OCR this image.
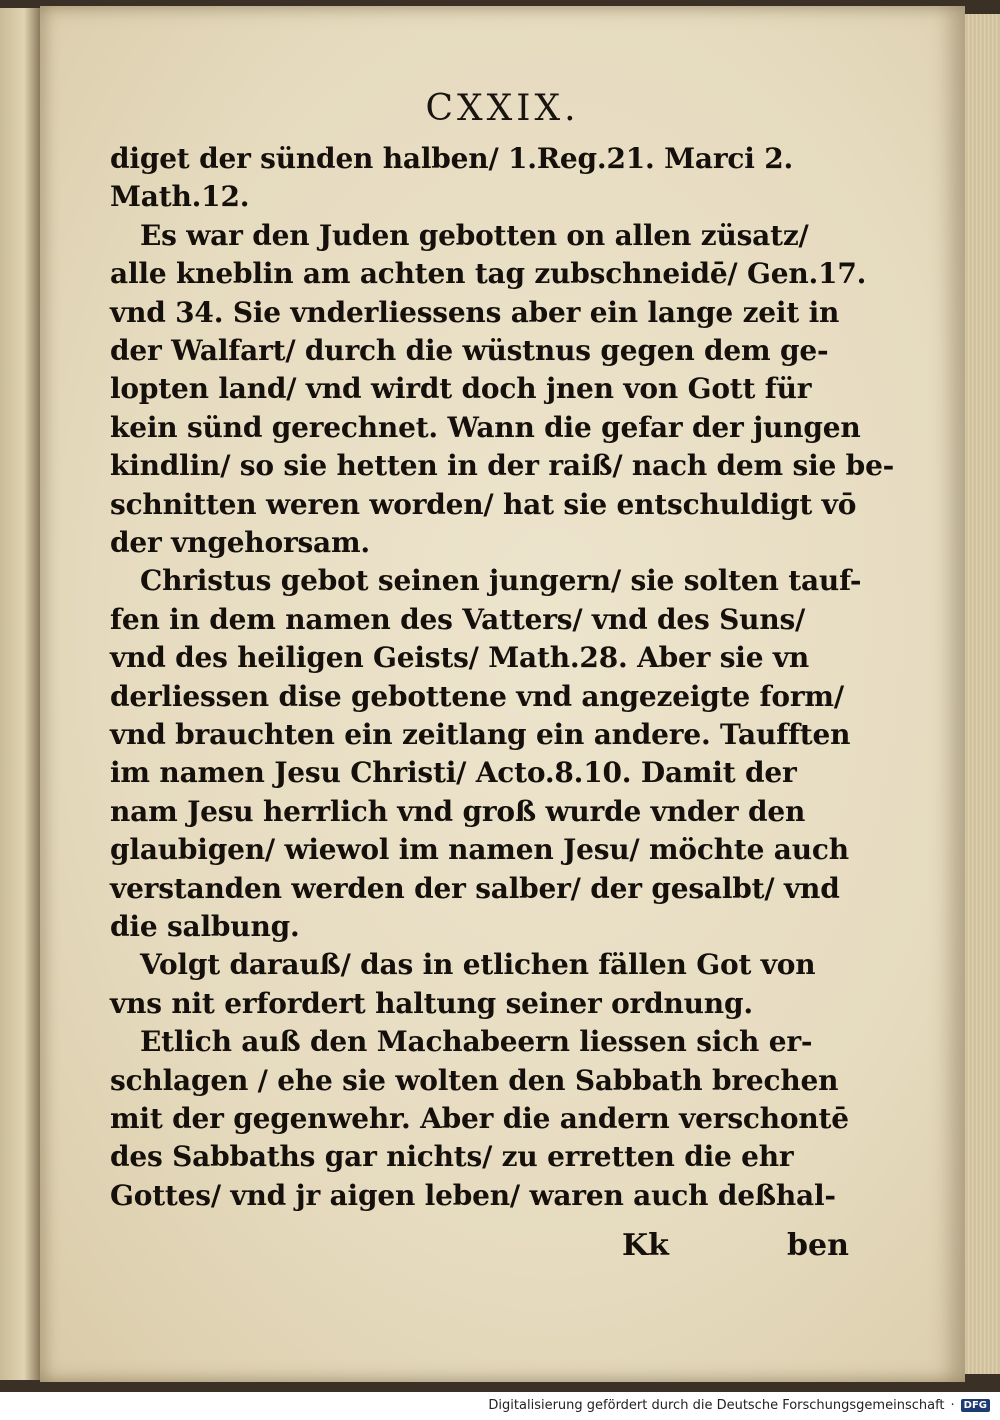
CXXIX.
diget der sünden halben/ 1.Reg.21. Marci 2.
Math.12.
Es war den Juden gebotten on allen züsatz/
alle kneblin am achten tag zubschneidē/ Gen.17.
vnd 34. Sie vnderliessens aber ein lange zeit in
der Walfart/ durch die wüstnus gegen dem ge-
lopten land/ vnd wirdt doch jnen von Gott für
kein sünd gerechnet. Wann die gefar der jungen
kindlin/ so sie hetten in der raiß/ nach dem sie be-
schnitten weren worden/ hat sie entschuldigt vō
der vngehorsam.
Christus gebot seinen jungern/ sie solten tauf-
fen in dem namen des Vatters/ vnd des Suns/
vnd des heiligen Geists/ Math.28. Aber sie vn
derliessen dise gebottene vnd angezeigte form/
vnd brauchten ein zeitlang ein andere. Taufften
im namen Jesu Christi/ Acto.8.10. Damit der
nam Jesu herrlich vnd groß wurde vnder den
glaubigen/ wiewol im namen Jesu/ möchte auch
verstanden werden der salber/ der gesalbt/ vnd
die salbung.
Volgt darauß/ das in etlichen fällen Got von
vns nit erfordert haltung seiner ordnung.
Etlich auß den Machabeern liessen sich er-
schlagen / ehe sie wolten den Sabbath brechen
mit der gegenwehr. Aber die andern verschontē
des Sabbaths gar nichts/ zu erretten die ehr
Gottes/ vnd jr aigen leben/ waren auch deßhal-
Kk	ben
Digitalisierung gefördert durch die Deutsche Forschungsgemeinschaft · DFG
